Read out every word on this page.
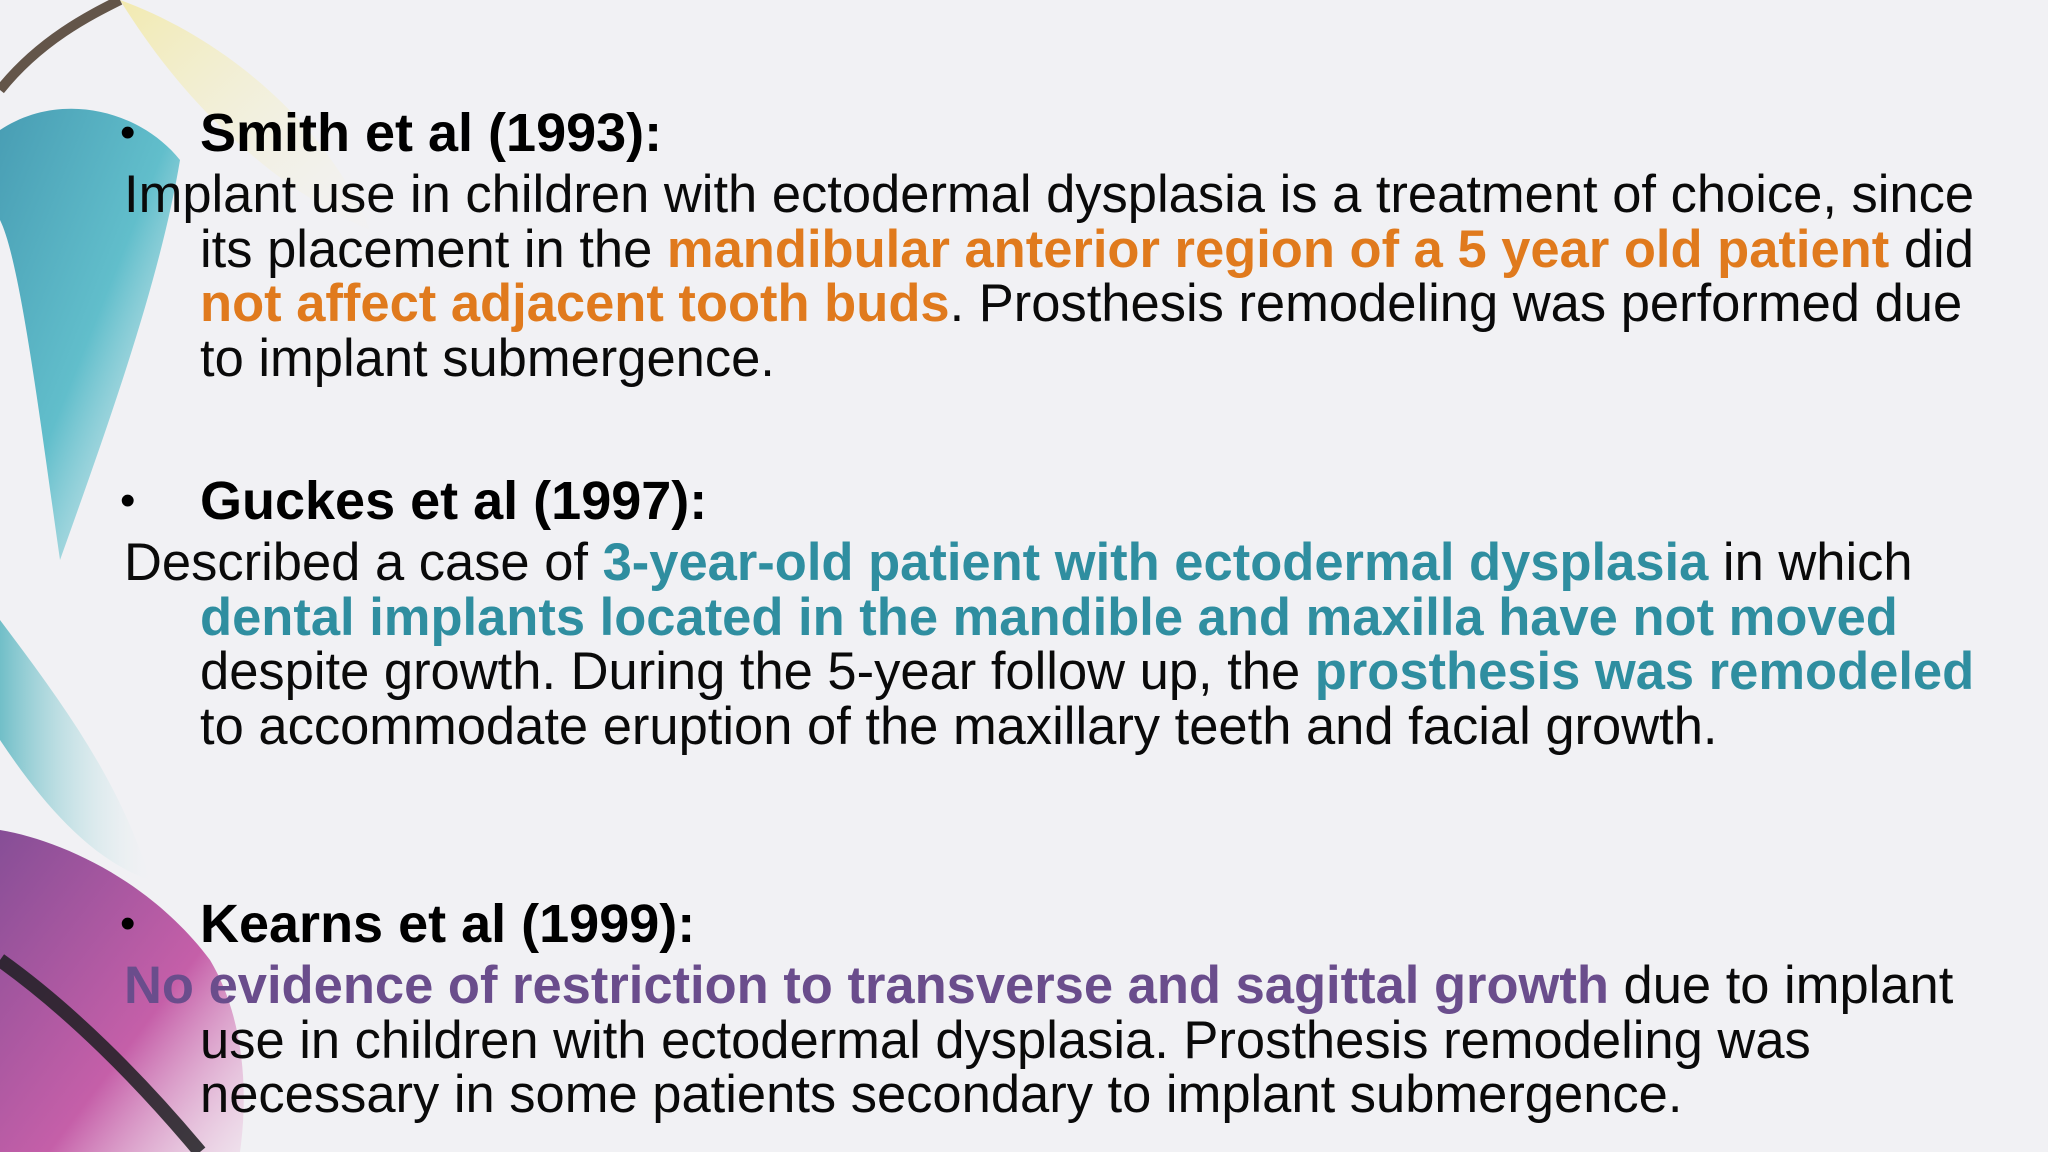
• Smith et al (1993):

Implant use in children with ectodermal dysplasia is a treatment of choice, since its placement in the mandibular anterior region of a 5 year old patient did not affect adjacent tooth buds. Prosthesis remodeling was performed due to implant submergence.

• Guckes et al (1997):

Described a case of 3-year-old patient with ectodermal dysplasia in which dental implants located in the mandible and maxilla have not moved despite growth. During the 5-year follow up, the prosthesis was remodeled to accommodate eruption of the maxillary teeth and facial growth.

• Kearns et al (1999):

No evidence of restriction to transverse and sagittal growth due to implant use in children with ectodermal dysplasia. Prosthesis remodeling was necessary in some patients secondary to implant submergence.
